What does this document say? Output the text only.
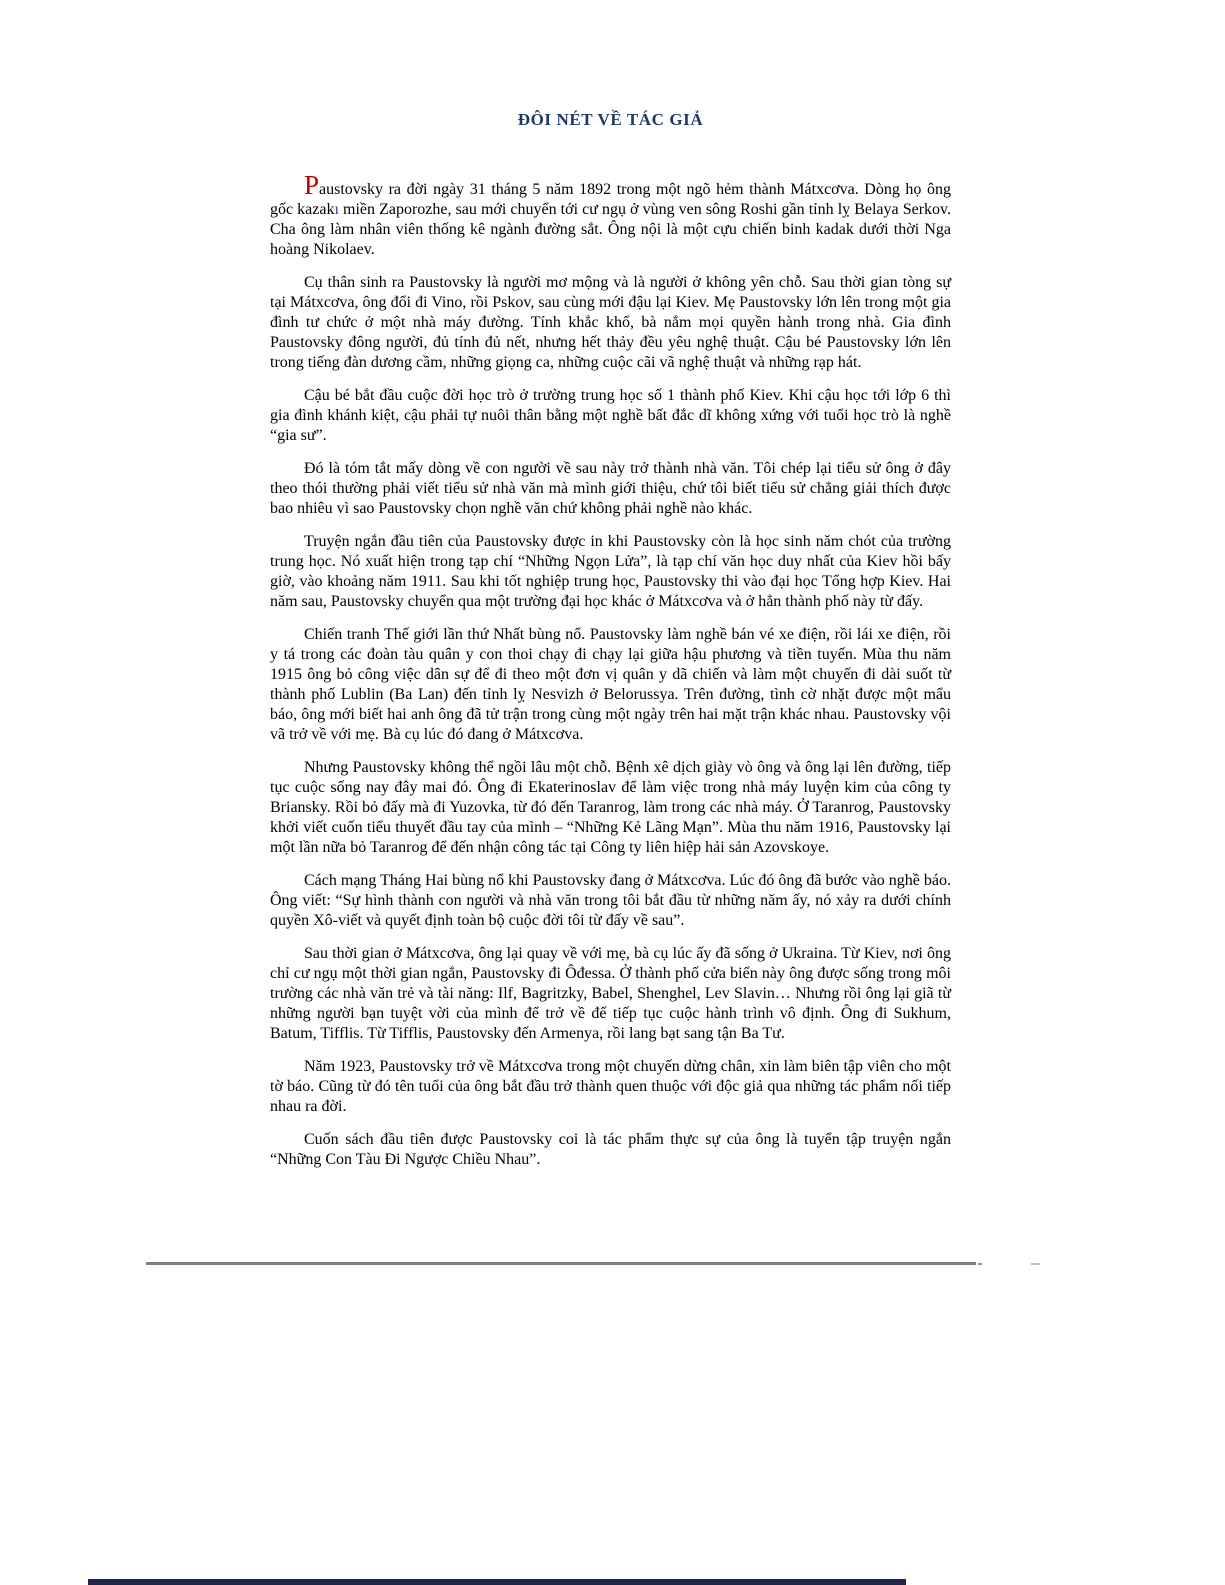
ĐÔI NÉT VỀ TÁC GIẢ

Paustovsky ra đời ngày 31 tháng 5 năm 1892 trong một ngõ hẻm thành Mátxcơva. Dòng họ ông gốc kazakı miền Zaporozhe, sau mới chuyển tới cư ngụ ở vùng ven sông Roshi gần tỉnh lỵ Belaya Serkov. Cha ông làm nhân viên thống kê ngành đường sắt. Ông nội là một cựu chiến binh kadak dưới thời Nga hoàng Nikolaev.

Cụ thân sinh ra Paustovsky là người mơ mộng và là người ở không yên chỗ. Sau thời gian tòng sự tại Mátxcơva, ông đổi đi Vino, rồi Pskov, sau cùng mới đậu lại Kiev. Mẹ Paustovsky lớn lên trong một gia đình tư chức ở một nhà máy đường. Tính khắc khổ, bà nắm mọi quyền hành trong nhà. Gia đình Paustovsky đông người, đủ tính đủ nết, nhưng hết thảy đều yêu nghệ thuật. Cậu bé Paustovsky lớn lên trong tiếng đàn dương cầm, những giọng ca, những cuộc cãi vã nghệ thuật và những rạp hát.

Cậu bé bắt đầu cuộc đời học trò ở trường trung học số 1 thành phố Kiev. Khi cậu học tới lớp 6 thì gia đình khánh kiệt, cậu phải tự nuôi thân bằng một nghề bất đắc dĩ không xứng với tuổi học trò là nghề “gia sư”.

Đó là tóm tắt mấy dòng về con người về sau này trở thành nhà văn. Tôi chép lại tiểu sử ông ở đây theo thói thường phải viết tiểu sử nhà văn mà mình giới thiệu, chứ tôi biết tiểu sử chẳng giải thích được bao nhiêu vì sao Paustovsky chọn nghề văn chứ không phải nghề nào khác.

Truyện ngắn đầu tiên của Paustovsky được in khi Paustovsky còn là học sinh năm chót của trường trung học. Nó xuất hiện trong tạp chí “Những Ngọn Lửa”, là tạp chí văn học duy nhất của Kiev hồi bấy giờ, vào khoảng năm 1911. Sau khi tốt nghiệp trung học, Paustovsky thi vào đại học Tổng hợp Kiev. Hai năm sau, Paustovsky chuyển qua một trường đại học khác ở Mátxcơva và ở hẳn thành phố này từ đấy.

Chiến tranh Thế giới lần thứ Nhất bùng nổ. Paustovsky làm nghề bán vé xe điện, rồi lái xe điện, rồi y tá trong các đoàn tàu quân y con thoi chạy đi chạy lại giữa hậu phương và tiền tuyến. Mùa thu năm 1915 ông bỏ công việc dân sự để đi theo một đơn vị quân y dã chiến và làm một chuyến đi dài suốt từ thành phố Lublin (Ba Lan) đến tỉnh lỵ Nesvizh ở Belorussya. Trên đường, tình cờ nhặt được một mẩu báo, ông mới biết hai anh ông đã tử trận trong cùng một ngày trên hai mặt trận khác nhau. Paustovsky vội vã trở về với mẹ. Bà cụ lúc đó đang ở Mátxcơva.

Nhưng Paustovsky không thể ngồi lâu một chỗ. Bệnh xê dịch giày vò ông và ông lại lên đường, tiếp tục cuộc sống nay đây mai đó. Ông đi Ekaterinoslav để làm việc trong nhà máy luyện kim của công ty Briansky. Rồi bỏ đấy mà đi Yuzovka, từ đó đến Taranrog, làm trong các nhà máy. Ở Taranrog, Paustovsky khởi viết cuốn tiểu thuyết đầu tay của mình – “Những Kẻ Lãng Mạn”. Mùa thu năm 1916, Paustovsky lại một lần nữa bỏ Taranrog để đến nhận công tác tại Công ty liên hiệp hải sản Azovskoye.

Cách mạng Tháng Hai bùng nổ khi Paustovsky đang ở Mátxcơva. Lúc đó ông đã bước vào nghề báo. Ông viết: “Sự hình thành con người và nhà văn trong tôi bắt đầu từ những năm ấy, nó xảy ra dưới chính quyền Xô-viết và quyết định toàn bộ cuộc đời tôi từ đấy về sau”.

Sau thời gian ở Mátxcơva, ông lại quay về với mẹ, bà cụ lúc ấy đã sống ở Ukraina. Từ Kiev, nơi ông chỉ cư ngụ một thời gian ngắn, Paustovsky đi Ôđessa. Ở thành phố cửa biển này ông được sống trong môi trường các nhà văn trẻ và tài năng: Ilf, Bagritzky, Babel, Shenghel, Lev Slavin… Nhưng rồi ông lại giã từ những người bạn tuyệt vời của mình để trở về để tiếp tục cuộc hành trình vô định. Ông đi Sukhum, Batum, Tifflis. Từ Tifflis, Paustovsky đến Armenya, rồi lang bạt sang tận Ba Tư.

Năm 1923, Paustovsky trở về Mátxcơva trong một chuyến dừng chân, xin làm biên tập viên cho một tờ báo. Cũng từ đó tên tuổi của ông bắt đầu trở thành quen thuộc với độc giả qua những tác phẩm nối tiếp nhau ra đời.

Cuốn sách đầu tiên được Paustovsky coi là tác phẩm thực sự của ông là tuyển tập truyện ngắn “Những Con Tàu Đi Ngược Chiều Nhau”.
